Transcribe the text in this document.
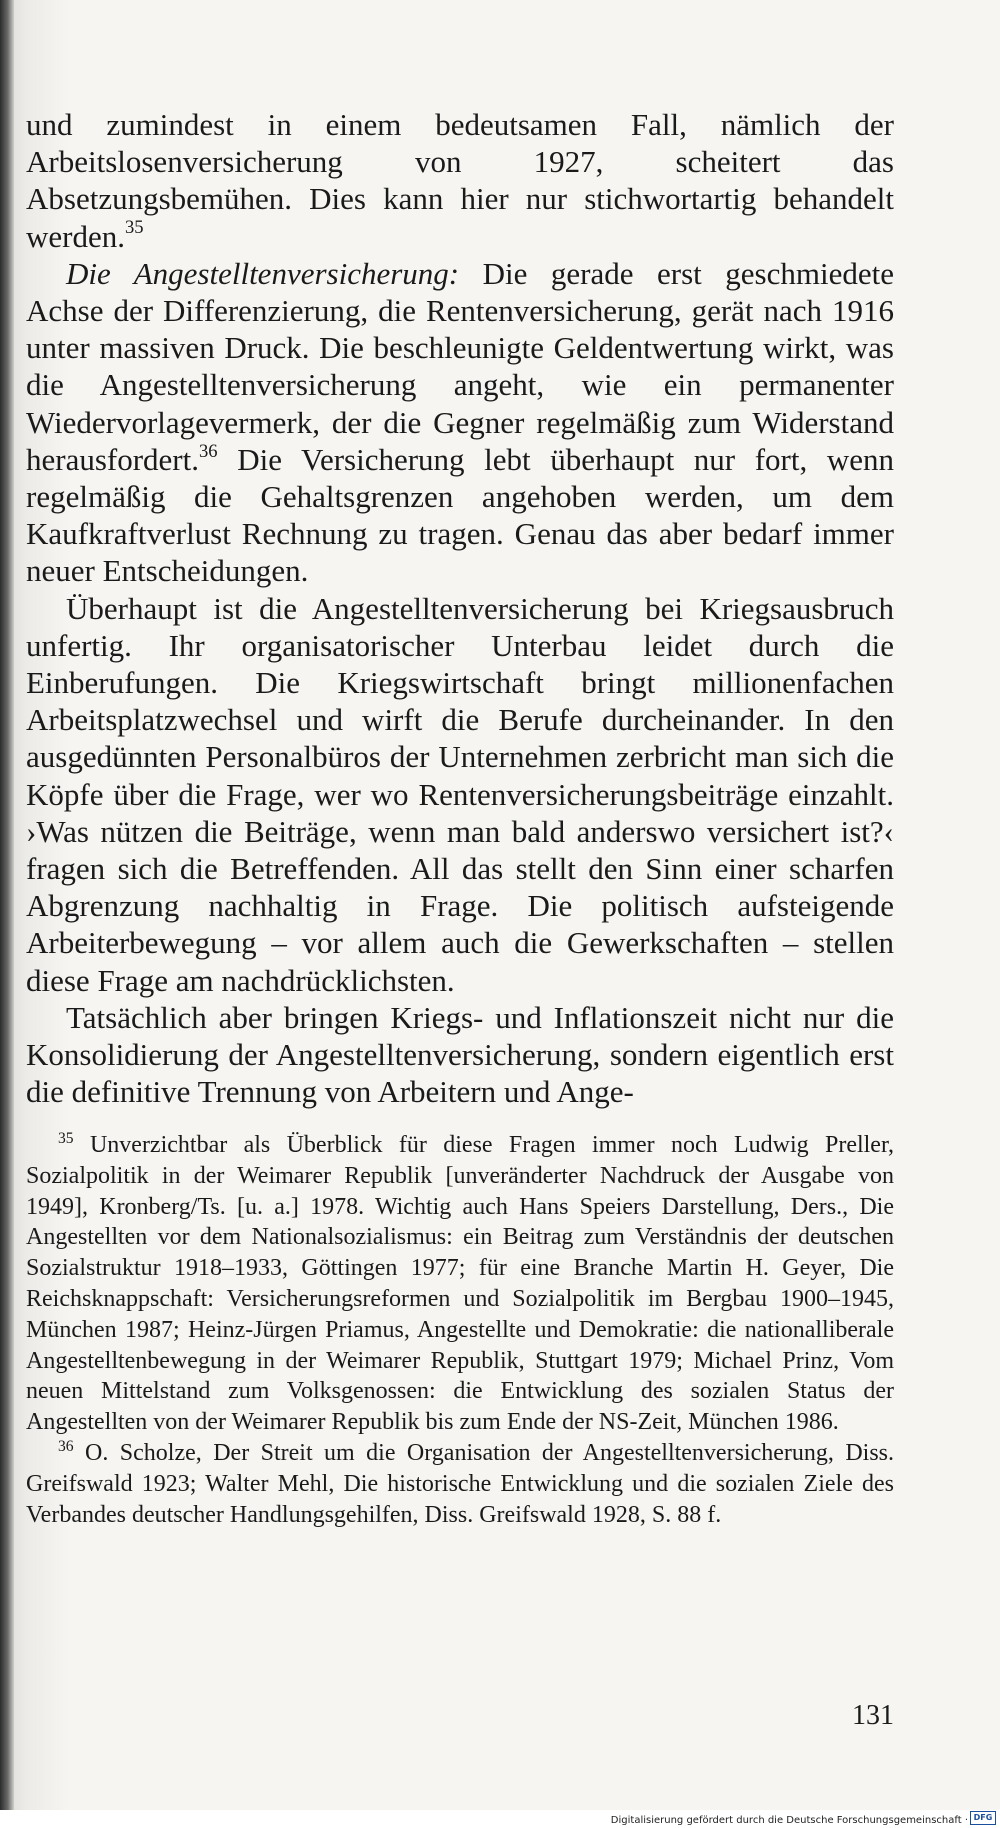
und zumindest in einem bedeutsamen Fall, nämlich der Arbeitslosenversicherung von 1927, scheitert das Absetzungsbemühen. Dies kann hier nur stichwortartig behandelt werden.$^{35}$

Die Angestelltenversicherung: Die gerade erst geschmiedete Achse der Differenzierung, die Rentenversicherung, gerät nach 1916 unter massiven Druck. Die beschleunigte Geldentwertung wirkt, was die Angestelltenversicherung angeht, wie ein permanenter Wiedervorlagevermerk, der die Gegner regelmäßig zum Widerstand herausfordert.$^{36}$ Die Versicherung lebt überhaupt nur fort, wenn regelmäßig die Gehaltsgrenzen angehoben werden, um dem Kaufkraftverlust Rechnung zu tragen. Genau das aber bedarf immer neuer Entscheidungen.

Überhaupt ist die Angestelltenversicherung bei Kriegsausbruch unfertig. Ihr organisatorischer Unterbau leidet durch die Einberufungen. Die Kriegswirtschaft bringt millionenfachen Arbeitsplatzwechsel und wirft die Berufe durcheinander. In den ausgedünnten Personalbüros der Unternehmen zerbricht man sich die Köpfe über die Frage, wer wo Rentenversicherungsbeiträge einzahlt. ›Was nützen die Beiträge, wenn man bald anderswo versichert ist?‹ fragen sich die Betreffenden. All das stellt den Sinn einer scharfen Abgrenzung nachhaltig in Frage. Die politisch aufsteigende Arbeiterbewegung – vor allem auch die Gewerkschaften – stellen diese Frage am nachdrücklichsten.

Tatsächlich aber bringen Kriegs- und Inflationszeit nicht nur die Konsolidierung der Angestelltenversicherung, sondern eigentlich erst die definitive Trennung von Arbeitern und Ange-

$^{35}$ Unverzichtbar als Überblick für diese Fragen immer noch Ludwig Preller, Sozialpolitik in der Weimarer Republik [unveränderter Nachdruck der Ausgabe von 1949], Kronberg/Ts. [u. a.] 1978. Wichtig auch Hans Speiers Darstellung, Ders., Die Angestellten vor dem Nationalsozialismus: ein Beitrag zum Verständnis der deutschen Sozialstruktur 1918–1933, Göttingen 1977; für eine Branche Martin H. Geyer, Die Reichsknappschaft: Versicherungsreformen und Sozialpolitik im Bergbau 1900–1945, München 1987; Heinz-Jürgen Priamus, Angestellte und Demokratie: die nationalliberale Angestelltenbewegung in der Weimarer Republik, Stuttgart 1979; Michael Prinz, Vom neuen Mittelstand zum Volksgenossen: die Entwicklung des sozialen Status der Angestellten von der Weimarer Republik bis zum Ende der NS-Zeit, München 1986.

$^{36}$ O. Scholze, Der Streit um die Organisation der Angestelltenversicherung, Diss. Greifswald 1923; Walter Mehl, Die historische Entwicklung und die sozialen Ziele des Verbandes deutscher Handlungsgehilfen, Diss. Greifswald 1928, S. 88 f.

131
Digitalisierung gefördert durch die Deutsche Forschungsgemeinschaft · DFG
